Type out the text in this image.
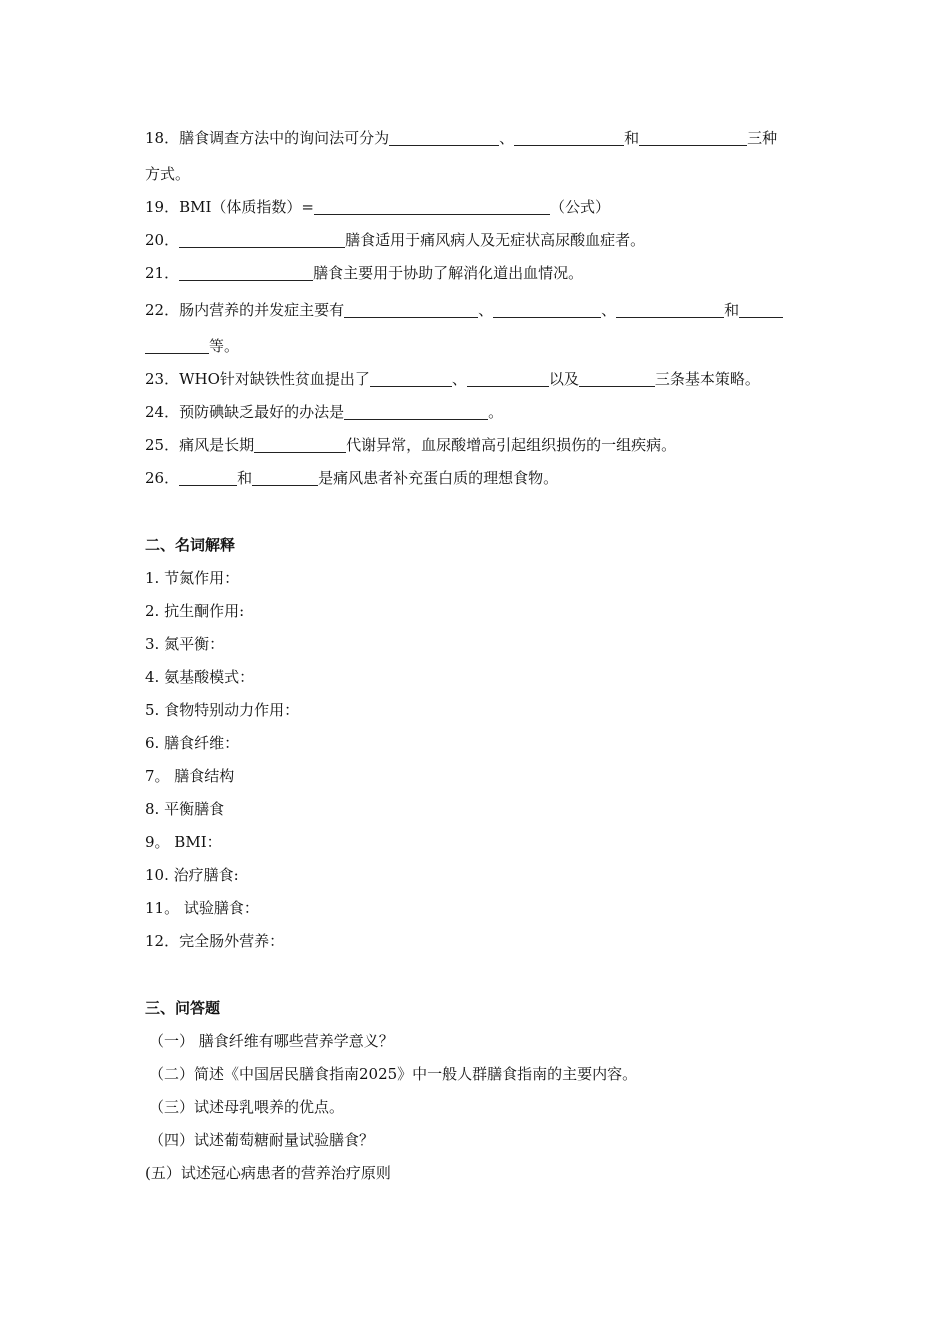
18．膳食调查方法中的询问法可分为	、	和	三种
方式。
19．BMI（体质指数）=	（公式）
20．	膳食适用于痛风病人及无症状高尿酸血症者。
21．	膳食主要用于协助了解消化道出血情况。
22．肠内营养的并发症主要有	、	、	和
等。
23．WHO针对缺铁性贫血提出了	、	以及	三条基本策略。
24．预防碘缺乏最好的办法是	。
25．痛风是长期	代谢异常，血尿酸增高引起组织损伤的一组疾病。
26．	和	是痛风患者补充蛋白质的理想食物。
二、名词解释
1. 节氮作用：
2. 抗生酮作用:
3. 氮平衡：
4. 氨基酸模式：
5. 食物特别动力作用：
6. 膳食纤维：
7。 膳食结构
8. 平衡膳食
9。 BMI：
10. 治疗膳食:
11。 试验膳食：
12．完全肠外营养：
三、问答题
（一） 膳食纤维有哪些营养学意义？
（二）简述《中国居民膳食指南2025》中一般人群膳食指南的主要内容。
（三）试述母乳喂养的优点。
（四）试述葡萄糖耐量试验膳食？
(五）试述冠心病患者的营养治疗原则
